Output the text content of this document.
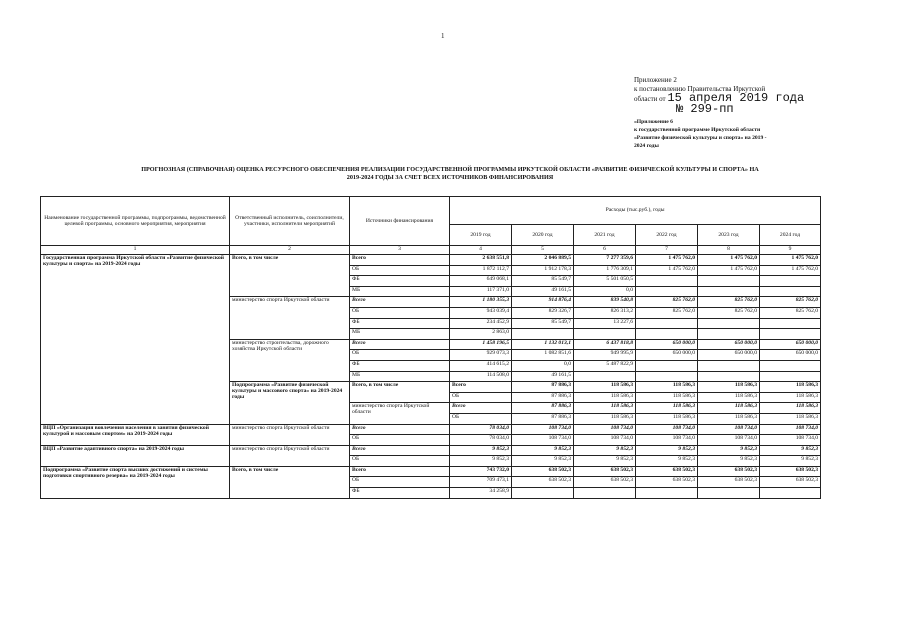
1
Приложение 2
к постановлению Правительства Иркутской
области от 15 апреля 2019 года
№ 299-пп
«Приложение 6
к государственной программе Иркутской области
«Развитие физической культуры и спорта» на 2019 -
2024 годы
ПРОГНОЗНАЯ (СПРАВОЧНАЯ) ОЦЕНКА РЕСУРСНОГО ОБЕСПЕЧЕНИЯ РЕАЛИЗАЦИИ ГОСУДАРСТВЕННОЙ ПРОГРАММЫ ИРКУТСКОЙ ОБЛАСТИ «РАЗВИТИЕ ФИЗИЧЕСКОЙ КУЛЬТУРЫ И СПОРТА» НА
2019-2024 ГОДЫ ЗА СЧЕТ ВСЕХ ИСТОЧНИКОВ ФИНАНСИРОВАНИЯ
Наименование государственной программы, подпрограммы, ведомственной целевой программы, основного мероприятия, мероприятия	Ответственный исполнитель, соисполнители, участники, исполнители мероприятий	Источники финансирования	Расходы (тыс.руб.), годы						
			2019 год	2020 год	2021 год	2022 год	2023 год	2024 год	
1	2	3	4	5	6	7	8	9	
Государственная программа Иркутской области «Развитие физической культуры и спорта» на 2019-2024 годы	Всего, в том числе	Всего	2 638 551,8	2 046 889,5	7 277 359,6	1 475 762,0	1 475 762,0	1 475 762,0	
		ОБ	1 872 112,7	1 912 178,3	1 776 309,1	1 475 762,0	1 475 762,0	1 475 762,0	
		ФБ	649 068,1	85 549,7	5 501 050,5				
		МБ	117 371,0	49 161,5	0,0				
	министерство спорта Иркутской области	Всего	1 180 355,3	914 876,4	839 540,8	825 762,0	825 762,0	825 762,0	
		ОБ	943 039,4	829 326,7	826 313,2	825 762,0	825 762,0	825 762,0	
		ФБ	234 452,9	85 549,7	13 227,6				
		МБ	2 863,0						
	министерство строительства, дорожного хозяйства Иркутской области	Всего	1 458 196,5	1 132 013,1	6 437 818,8	650 000,0	650 000,0	650 000,0	
		ОБ	929 073,3	1 082 851,6	949 995,9	650 000,0	650 000,0	650 000,0	
		ФБ	414 615,2	0,0	5 487 822,9				
		МБ	114 508,0	49 161,5					
	Подпрограмма «Развитие физической культуры и массового спорта» на 2019-2024 годы	Всего, в том числе	Всего	87 886,3	118 586,3	118 586,3	118 586,3	118 586,3	
			ОБ	87 886,3	118 586,3	118 586,3	118 586,3	118 586,3	
		министерство спорта Иркутской области	Всего	87 886,3	118 586,3	118 586,3	118 586,3	118 586,3	
			ОБ	87 886,3	118 586,3	118 586,3	118 586,3	118 586,3	
ВЦП «Организация вовлечения населения в занятия физической культурой и массовым спортом» на 2019-2024 годы	министерство спорта Иркутской области	Всего	78 034,0	108 734,0	108 734,0	108 734,0	108 734,0	108 734,0	
		ОБ	78 034,0	108 734,0	108 734,0	108 734,0	108 734,0	108 734,0	
ВЦП «Развитие адаптивного спорта» на 2019-2024 годы	министерство спорта Иркутской области	Всего	9 852,3	9 852,3	9 852,3	9 852,3	9 852,3	9 852,3	
		ОБ	9 852,3	9 852,3	9 852,3	9 852,3	9 852,3	9 852,3	
Подпрограмма «Развитие спорта высших достижений и системы подготовки спортивного резерва» на 2019-2024 годы	Всего, в том числе	Всего	743 732,0	638 502,3	638 502,3	638 502,3	638 502,3	638 502,3	
		ОБ	709 473,1	638 502,3	638 502,3	638 502,3	638 502,3	638 502,3	
		ФБ	34 258,9						
